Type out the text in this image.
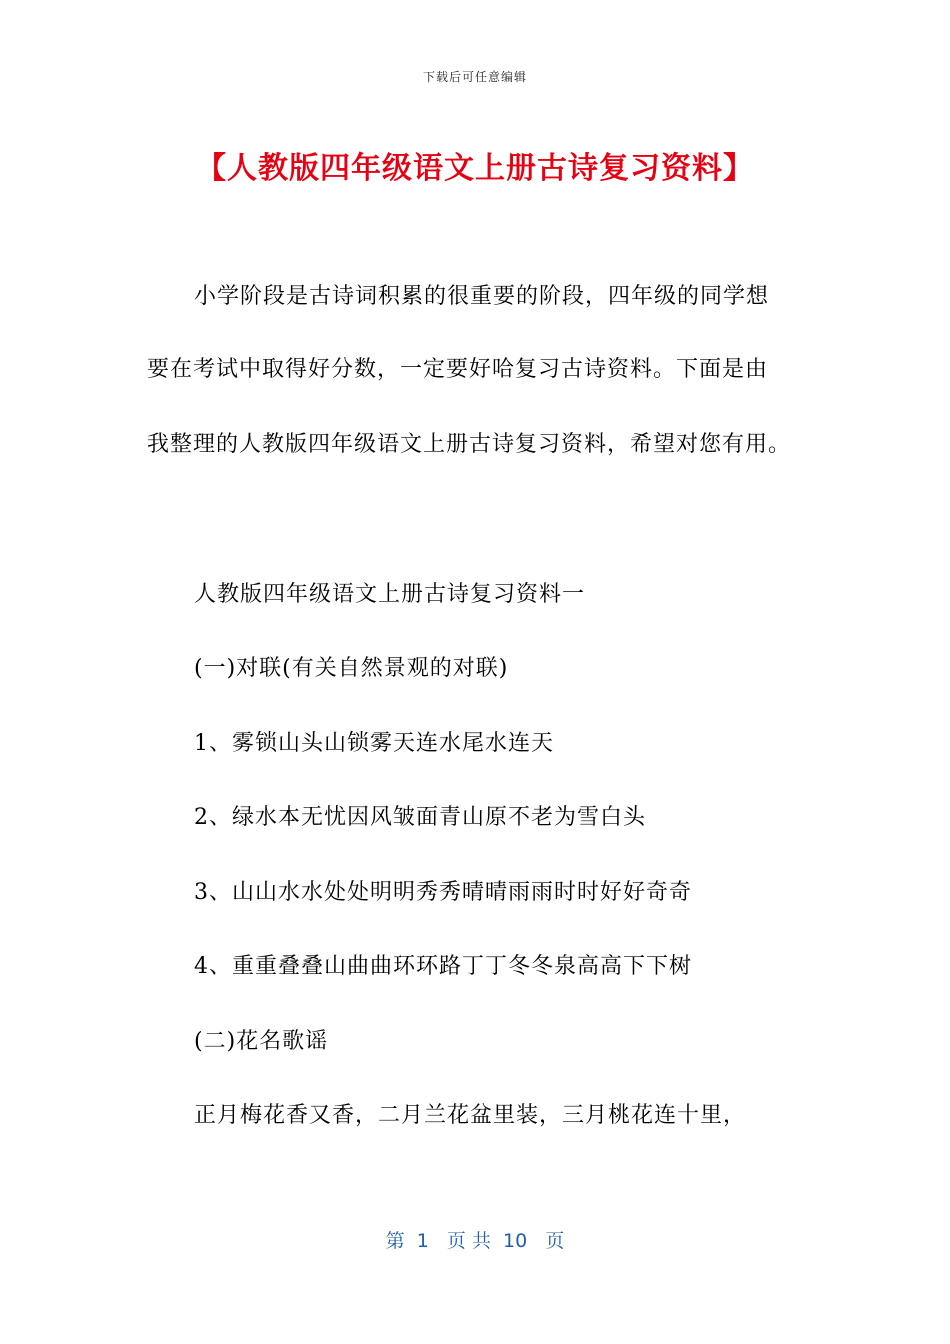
下载后可任意编辑
【人教版四年级语文上册古诗复习资料】
小学阶段是古诗词积累的很重要的阶段，四年级的同学想
要在考试中取得好分数，一定要好哈复习古诗资料。下面是由
我整理的人教版四年级语文上册古诗复习资料，希望对您有用。
人教版四年级语文上册古诗复习资料一
(一)对联(有关自然景观的对联)
1、雾锁山头山锁雾天连水尾水连天
2、绿水本无忧因风皱面青山原不老为雪白头
3、山山水水处处明明秀秀晴晴雨雨时时好好奇奇
4、重重叠叠山曲曲环环路丁丁冬冬泉高高下下树
(二)花名歌谣
正月梅花香又香，二月兰花盆里装，三月桃花连十里，
第  1   页 共  10   页
